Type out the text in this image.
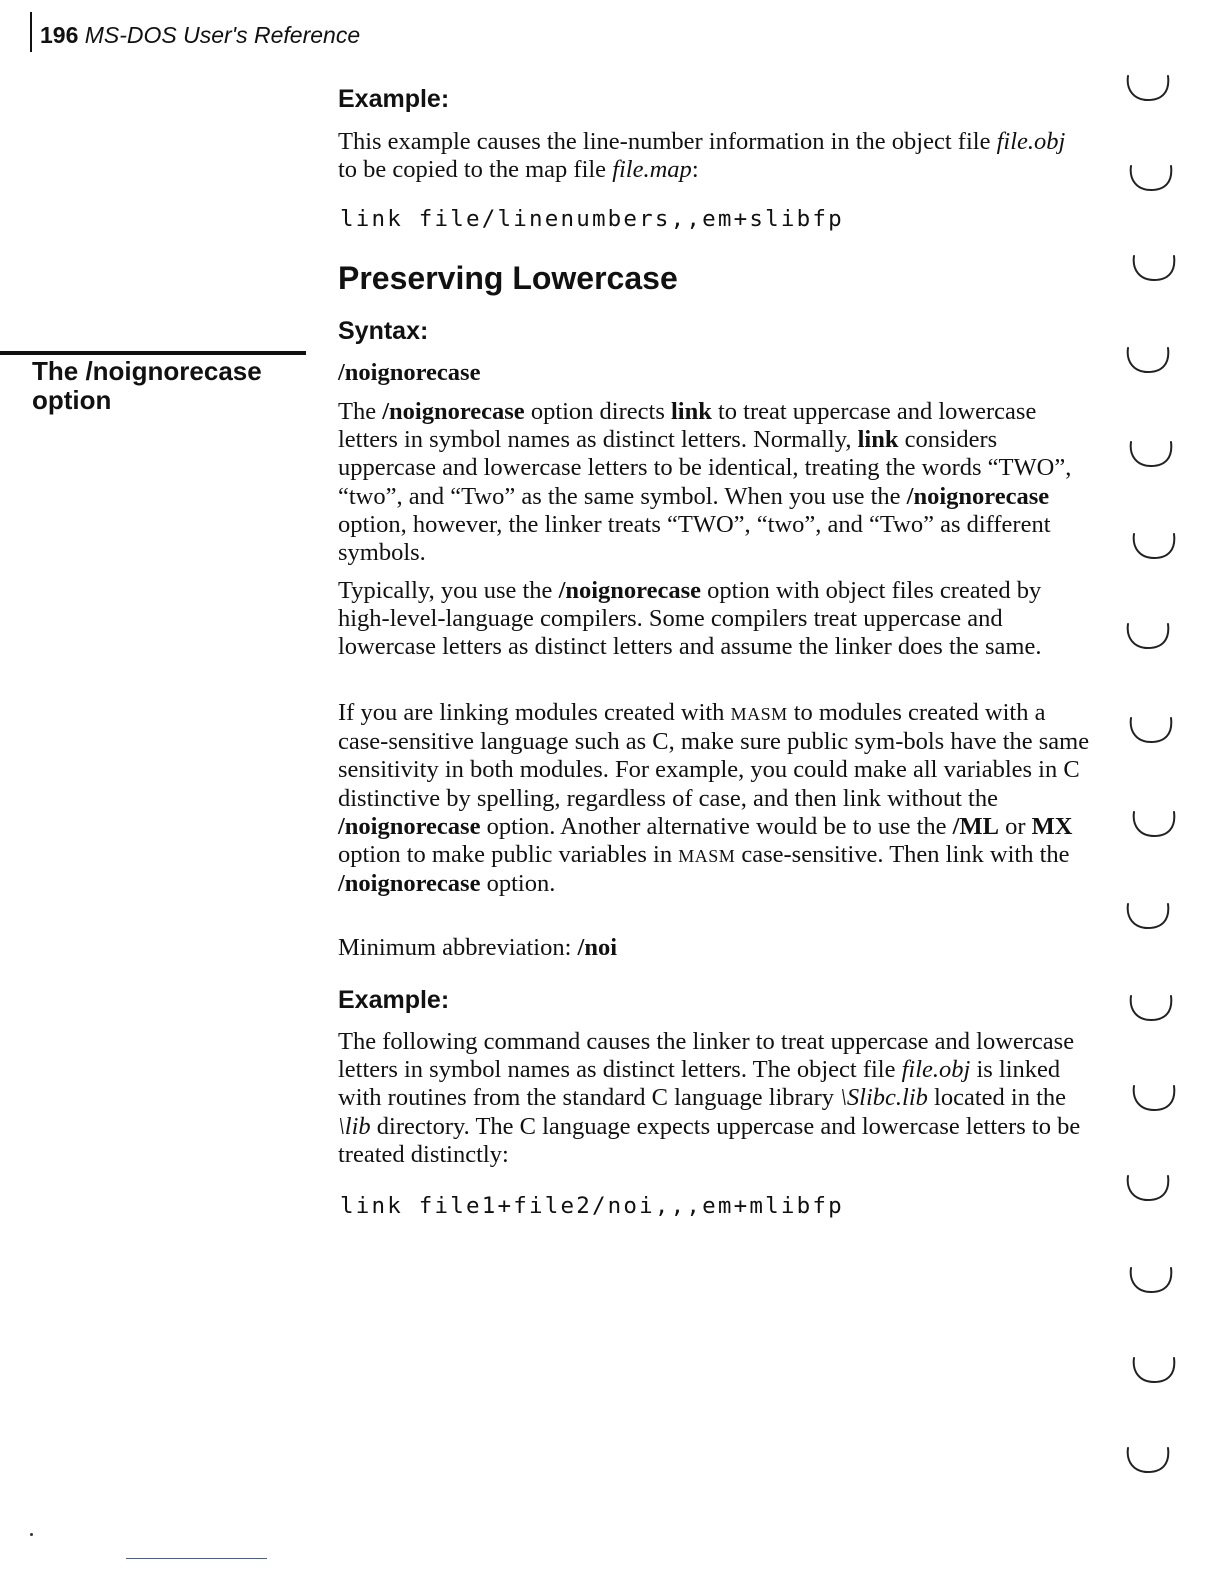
196 MS-DOS User's Reference
The /noignorecase option
Example:
This example causes the line-number information in the object file file.obj to be copied to the map file file.map:
link file/linenumbers,,em+slibfp
Preserving Lowercase
Syntax:
/noignorecase
The /noignorecase option directs link to treat uppercase and lowercase letters in symbol names as distinct letters. Normally, link considers uppercase and lowercase letters to be identical, treating the words “TWO”, “two”, and “Two” as the same symbol. When you use the /noignorecase option, however, the linker treats “TWO”, “two”, and “Two” as different symbols.
Typically, you use the /noignorecase option with object files created by high-level-language compilers. Some compilers treat uppercase and lowercase letters as distinct letters and assume the linker does the same.
If you are linking modules created with MASM to modules created with a case-sensitive language such as C, make sure public sym-bols have the same sensitivity in both modules. For example, you could make all variables in C distinctive by spelling, regardless of case, and then link without the /noignorecase option. Another alternative would be to use the /ML or MX option to make public variables in MASM case-sensitive. Then link with the /noignorecase option.
Minimum abbreviation: /noi
Example:
The following command causes the linker to treat uppercase and lowercase letters in symbol names as distinct letters. The object file file.obj is linked with routines from the standard C language library \Slibc.lib located in the \lib directory. The C language expects uppercase and lowercase letters to be treated distinctly:
link file1+file2/noi,,,em+mlibfp
